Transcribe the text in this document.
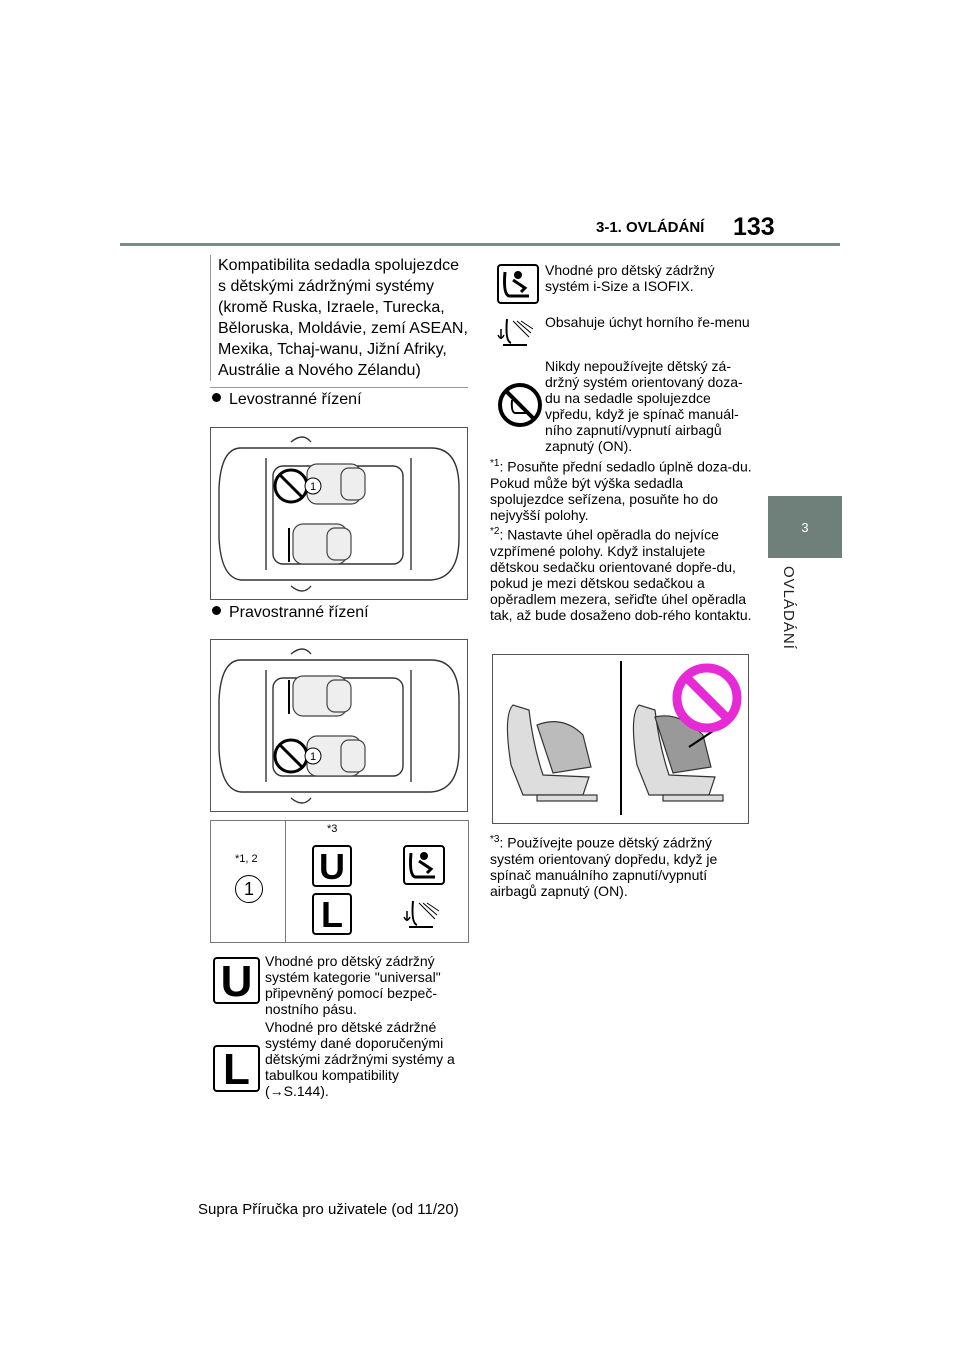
3-1. OVLÁDÁNÍ 133
3
OVLÁDÁNÍ
Kompatibilita sedadla spolujezdce s dětskými zádržnými systémy (kromě Ruska, Izraele, Turecka, Běloruska, Moldávie, zemí ASEAN, Mexika, Tchaj-wanu, Jižní Afriky, Austrálie a Nového Zélandu)
Levostranné řízení
1
Pravostranné řízení
1
*1, 2
1
*3
U
L
U Vhodné pro dětský zádržný systém kategorie "universal" připevněný pomocí bezpeč-nostního pásu.
L
Vhodné pro dětské zádržné systémy dané doporučenými dětskými zádržnými systémy a tabulkou kompatibility (→S.144).
Vhodné pro dětský zádržný systém i-Size a ISOFIX.
Obsahuje úchyt horního ře-menu
Nikdy nepoužívejte dětský zá-držný systém orientovaný doza-du na sedadle spolujezdce vpředu, když je spínač manuál-ního zapnutí/vypnutí airbagů zapnutý (ON).
$^{*1}$: Posuňte přední sedadlo úplně doza-du. Pokud může být výška sedadla spolujezdce seřízena, posuňte ho do nejvyšší polohy.
$^{*2}$: Nastavte úhel opěradla do nejvíce vzpřímené polohy. Když instalujete dětskou sedačku orientované dopře-du, pokud je mezi dětskou sedačkou a opěradlem mezera, seřiďte úhel opěradla tak, až bude dosaženo dob-rého kontaktu.
$^{*3}$: Používejte pouze dětský zádržný systém orientovaný dopředu, když je spínač manuálního zapnutí/vypnutí airbagů zapnutý (ON).
Supra Příručka pro uživatele (od 11/20)
